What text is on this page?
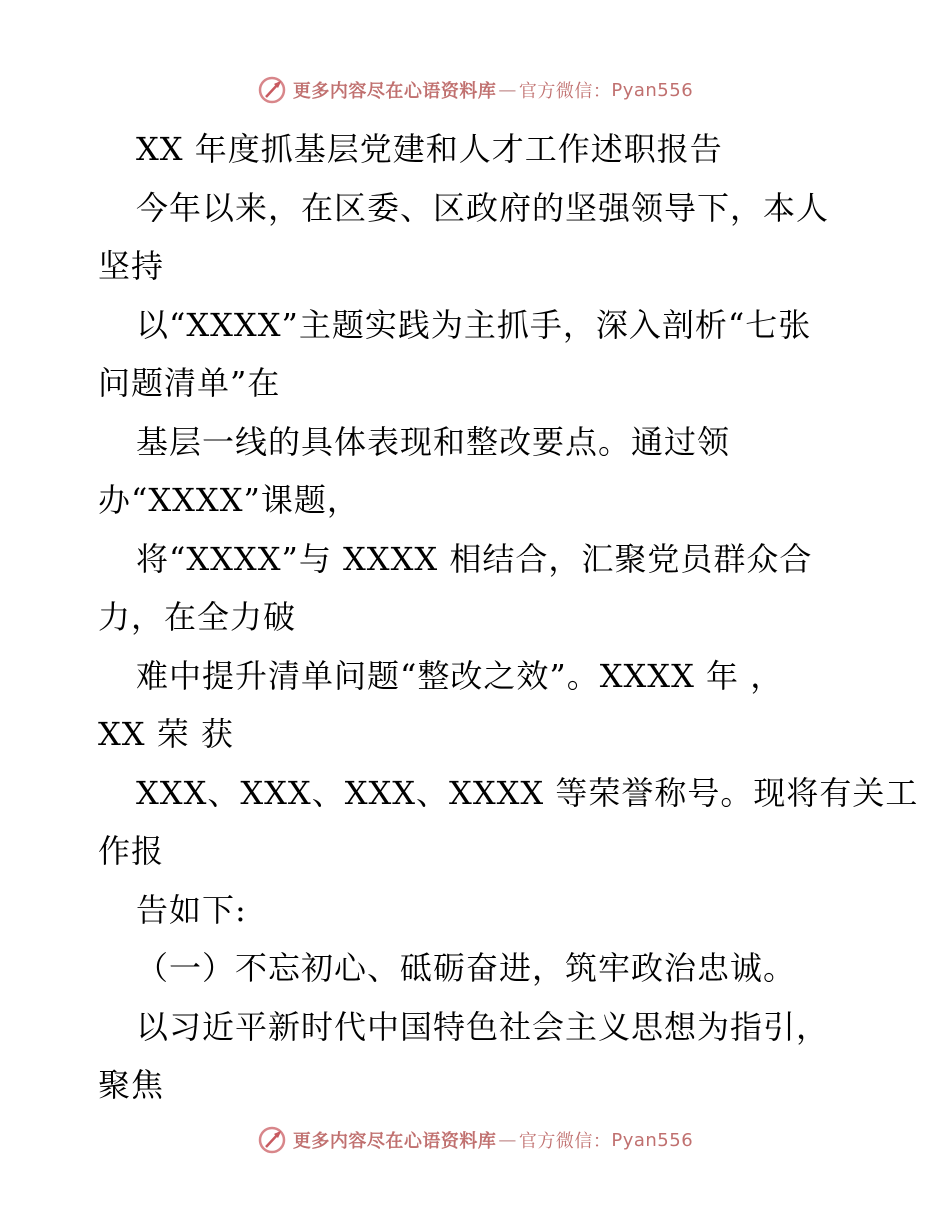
更多内容尽在心语资料库 — 官方微信： Pyan556
XX 年度抓基层党建和人才工作述职报告
今年以来，在区委、区政府的坚强领导下，本人
坚持
以“XXXX”主题实践为主抓手，深入剖析“七张
问题清单”在
基层一线的具体表现和整改要点。通过领
办“XXXX”课题，
将“XXXX”与 XXXX 相结合，汇聚党员群众合
力，在全力破
难中提升清单问题“整改之效”。XXXX 年 ，
XX 荣 获
XXX、XXX、XXX、XXXX 等荣誉称号。现将有关工
作报
告如下:
（一）不忘初心、砥砺奋进，筑牢政治忠诚。
以习近平新时代中国特色社会主义思想为指引，
聚焦
更多内容尽在心语资料库 — 官方微信： Pyan556
